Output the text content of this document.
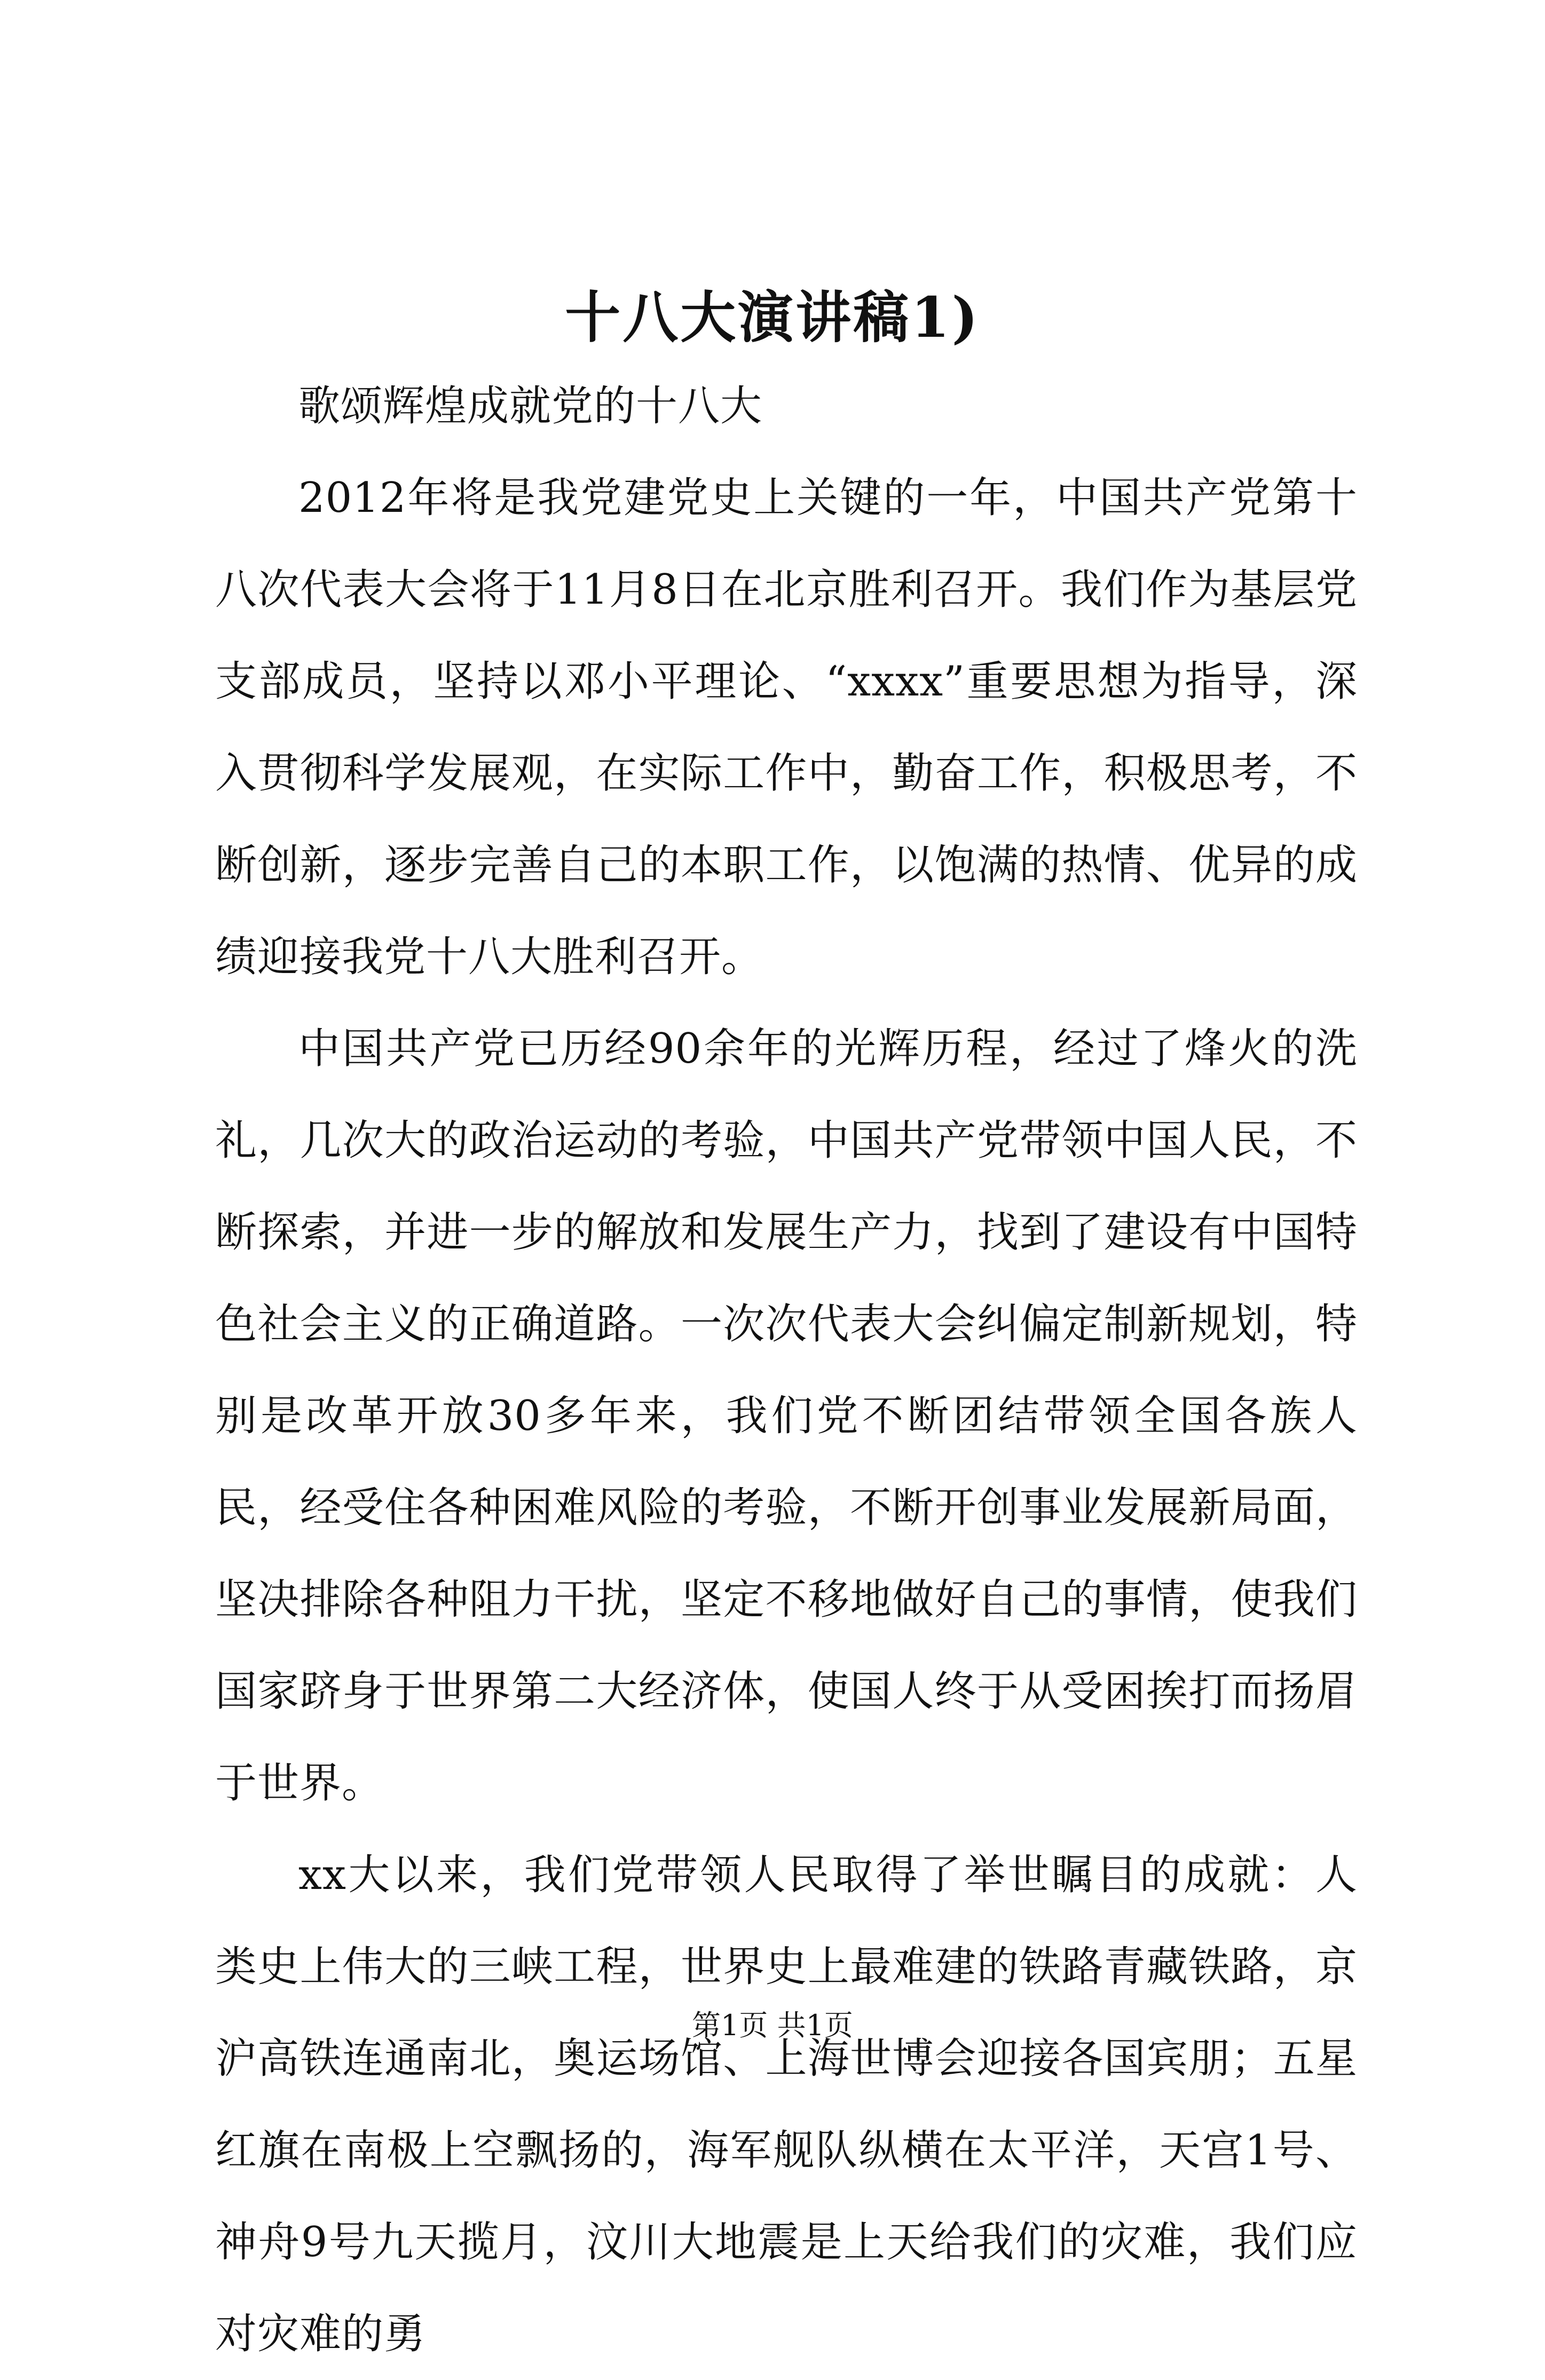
十八大演讲稿1)

歌颂辉煌成就党的十八大

2012年将是我党建党史上关键的一年，中国共产党第十八次代表大会将于11月8日在北京胜利召开。我们作为基层党支部成员，坚持以邓小平理论、“xxxx”重要思想为指导，深入贯彻科学发展观，在实际工作中，勤奋工作，积极思考，不断创新，逐步完善自己的本职工作，以饱满的热情、优异的成绩迎接我党十八大胜利召开。

中国共产党已历经90余年的光辉历程，经过了烽火的洗礼，几次大的政治运动的考验，中国共产党带领中国人民，不断探索，并进一步的解放和发展生产力，找到了建设有中国特色社会主义的正确道路。一次次代表大会纠偏定制新规划，特别是改革开放30多年来，我们党不断团结带领全国各族人民，经受住各种困难风险的考验，不断开创事业发展新局面，坚决排除各种阻力干扰，坚定不移地做好自己的事情，使我们国家跻身于世界第二大经济体，使国人终于从受困挨打而扬眉于世界。

xx大以来，我们党带领人民取得了举世瞩目的成就：人类史上伟大的三峡工程，世界史上最难建的铁路青藏铁路，京沪高铁连通南北，奥运场馆、上海世博会迎接各国宾朋；五星红旗在南极上空飘扬的，海军舰队纵横在太平洋，天宫1号、神舟9号九天揽月，汶川大地震是上天给我们的灾难，我们应对灾难的勇

第1页 共1页
